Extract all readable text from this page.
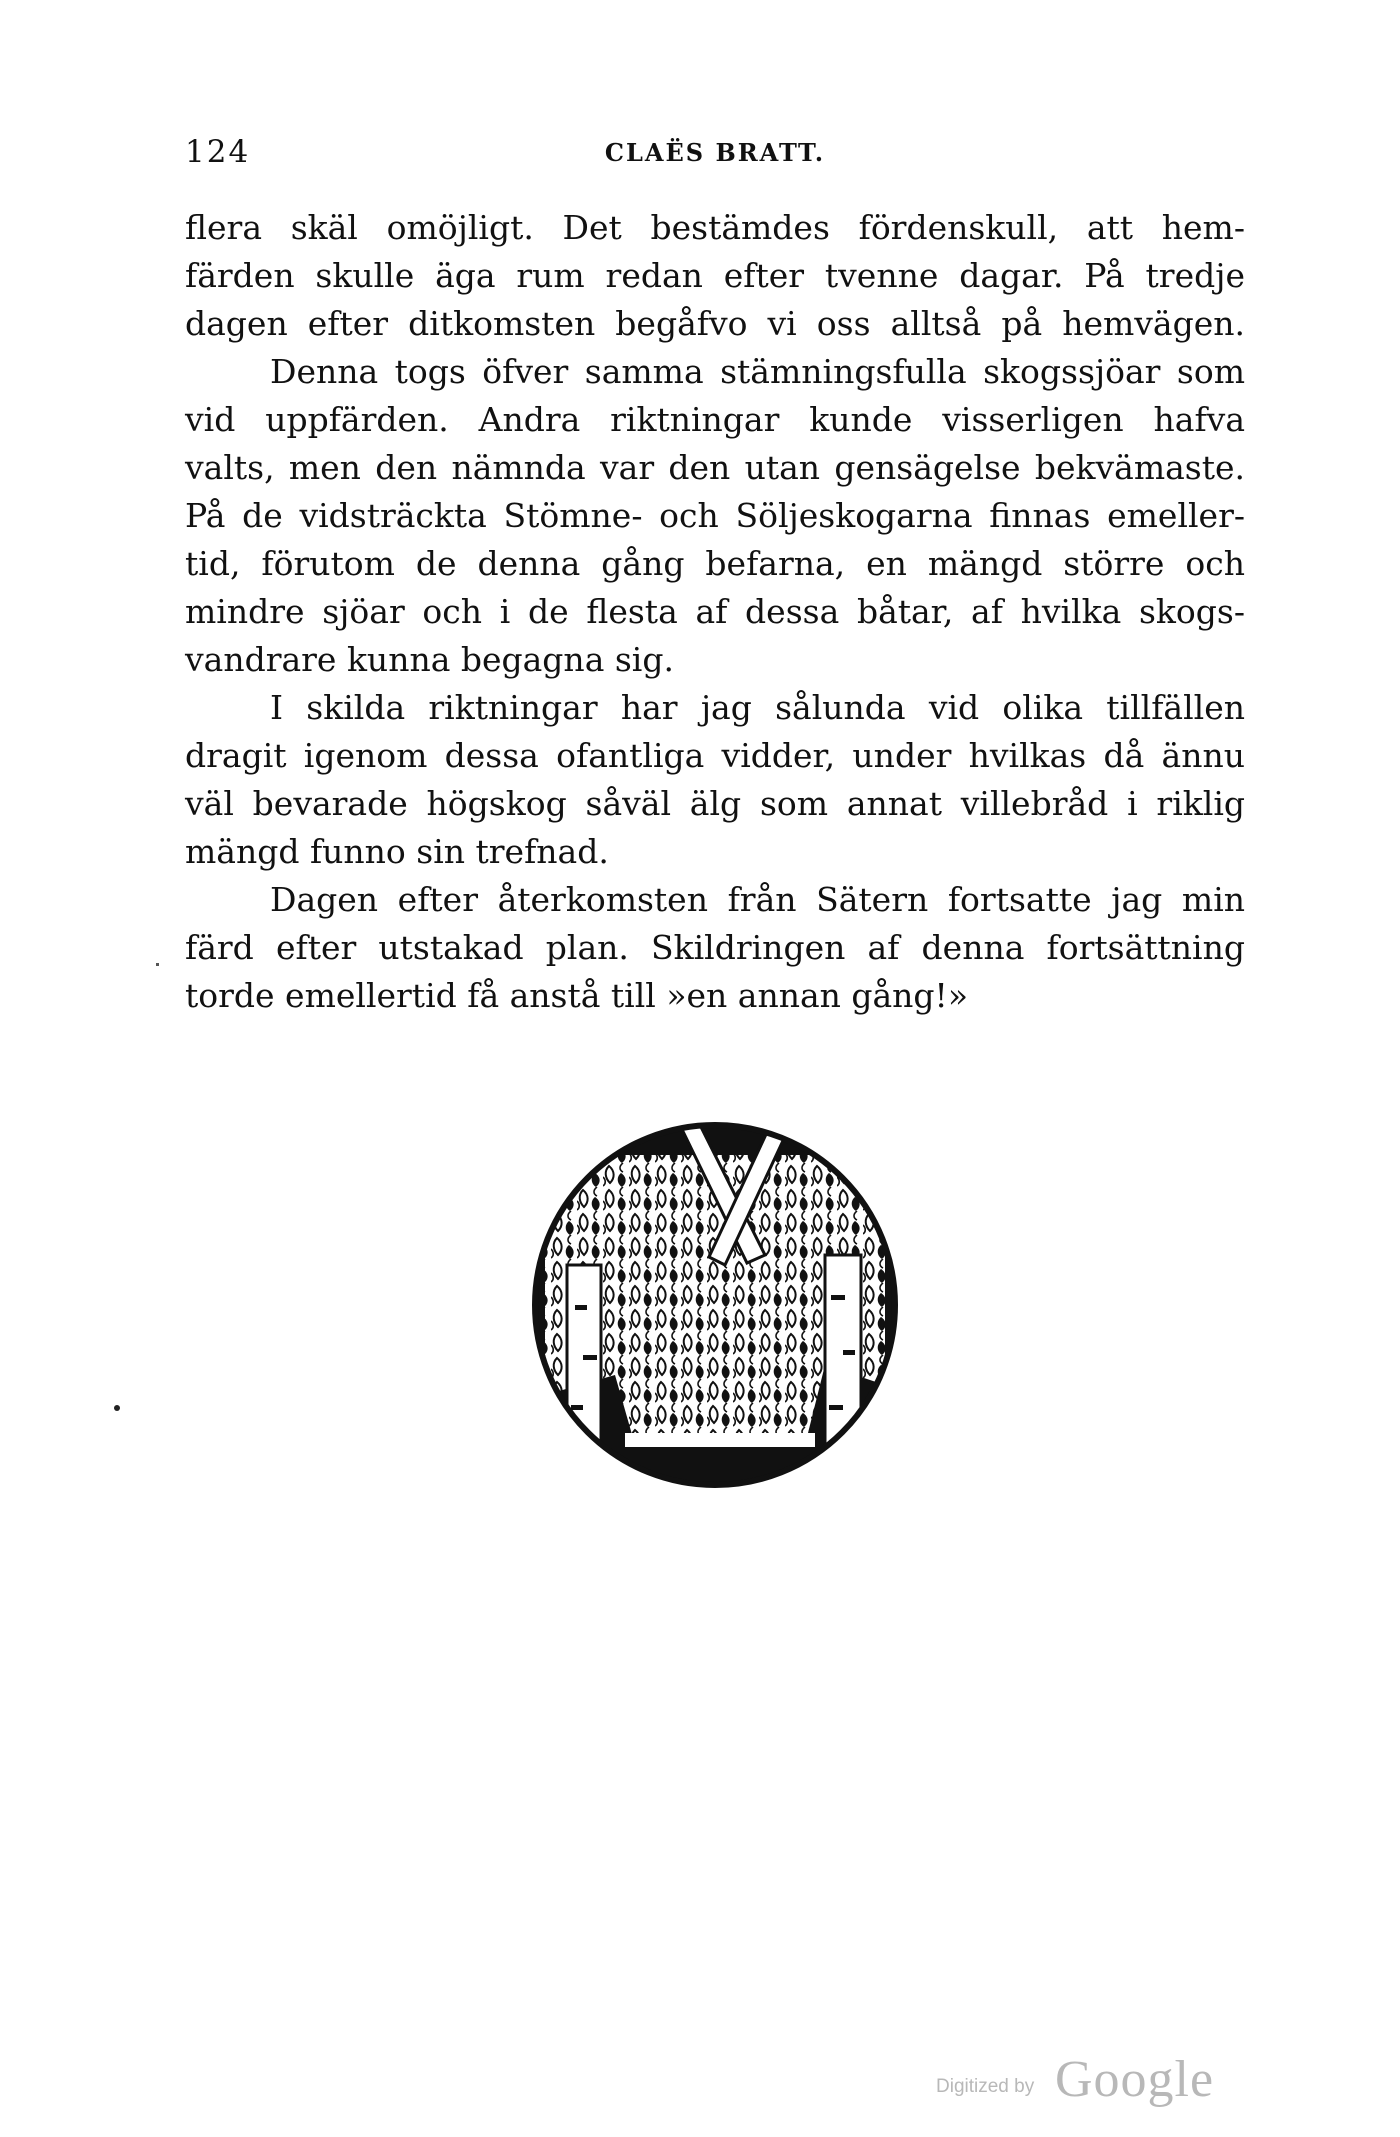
124	CLAËS BRATT.
flera skäl omöjligt. Det bestämdes fördenskull, att hem-
färden skulle äga rum redan efter tvenne dagar. På tredje
dagen efter ditkomsten begåfvo vi oss alltså på hemvägen.
Denna togs öfver samma stämningsfulla skogssjöar som
vid uppfärden. Andra riktningar kunde visserligen hafva
valts, men den nämnda var den utan gensägelse bekvämaste.
På de vidsträckta Stömne- och Söljeskogarna finnas emeller-
tid, förutom de denna gång befarna, en mängd större och
mindre sjöar och i de flesta af dessa båtar, af hvilka skogs-
vandrare kunna begagna sig.
I skilda riktningar har jag sålunda vid olika tillfällen
dragit igenom dessa ofantliga vidder, under hvilkas då ännu
väl bevarade högskog såväl älg som annat villebråd i riklig
mängd funno sin trefnad.
Dagen efter återkomsten från Sätern fortsatte jag min
färd efter utstakad plan. Skildringen af denna fortsättning
torde emellertid få anstå till »en annan gång!»
Digitized by Google
